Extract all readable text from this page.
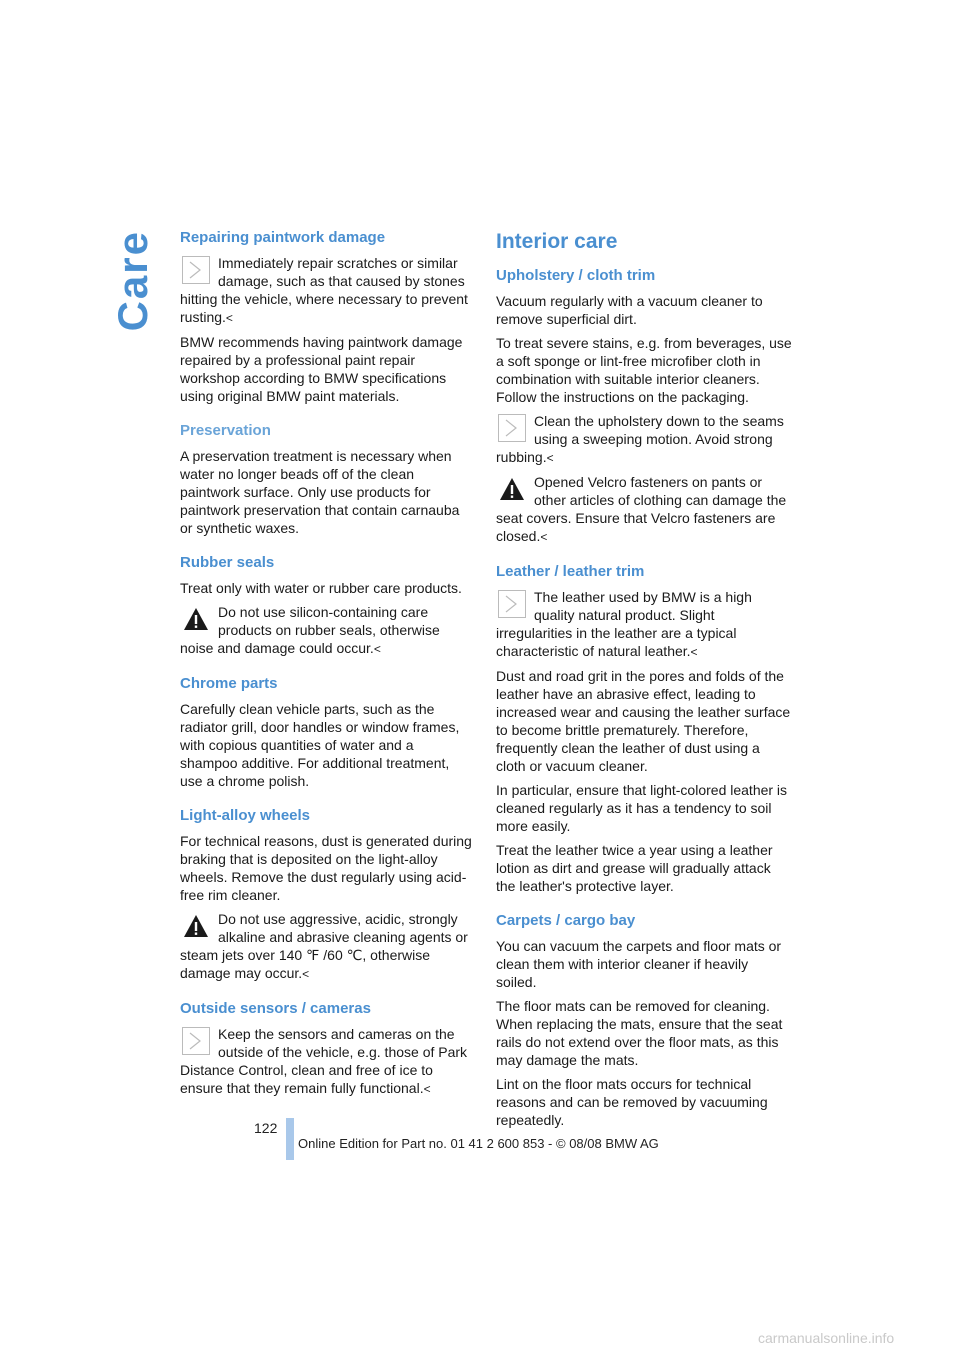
Care Repairing paintwork damage

Immediately repair scratches or similar damage, such as that caused by stones hitting the vehicle, where necessary to prevent rusting.<

BMW recommends having paintwork damage repaired by a professional paint repair workshop according to BMW specifications using original BMW paint materials.

Preservation

A preservation treatment is necessary when water no longer beads off of the clean paintwork surface. Only use products for paintwork preservation that contain carnauba or synthetic waxes.

Rubber seals

Treat only with water or rubber care products.

Do not use silicon-containing care products on rubber seals, otherwise noise and damage could occur.<

Chrome parts

Carefully clean vehicle parts, such as the radiator grill, door handles or window frames, with copious quantities of water and a shampoo additive. For additional treatment, use a chrome polish.

Light-alloy wheels

For technical reasons, dust is generated during braking that is deposited on the light-alloy wheels. Remove the dust regularly using acid-free rim cleaner.

Do not use aggressive, acidic, strongly alkaline and abrasive cleaning agents or steam jets over 140 ℉ /60 ℃, otherwise damage may occur.<

Outside sensors / cameras

Keep the sensors and cameras on the outside of the vehicle, e.g. those of Park Distance Control, clean and free of ice to ensure that they remain fully functional.<

Interior care
Upholstery / cloth trim

Vacuum regularly with a vacuum cleaner to remove superficial dirt.

To treat severe stains, e.g. from beverages, use a soft sponge or lint-free microfiber cloth in combination with suitable interior cleaners. Follow the instructions on the packaging.

Clean the upholstery down to the seams using a sweeping motion. Avoid strong rubbing.<

Opened Velcro fasteners on pants or other articles of clothing can damage the seat covers. Ensure that Velcro fasteners are closed.<

Leather / leather trim

The leather used by BMW is a high quality natural product. Slight irregularities in the leather are a typical characteristic of natural leather.<

Dust and road grit in the pores and folds of the leather have an abrasive effect, leading to increased wear and causing the leather surface to become brittle prematurely. Therefore, frequently clean the leather of dust using a cloth or vacuum cleaner.

In particular, ensure that light-colored leather is cleaned regularly as it has a tendency to soil more easily.

Treat the leather twice a year using a leather lotion as dirt and grease will gradually attack the leather's protective layer.

Carpets / cargo bay

You can vacuum the carpets and floor mats or clean them with interior cleaner if heavily soiled.

The floor mats can be removed for cleaning. When replacing the mats, ensure that the seat rails do not extend over the floor mats, as this may damage the mats.

Lint on the floor mats occurs for technical reasons and can be removed by vacuuming repeatedly.

122
Online Edition for Part no. 01 41 2 600 853 - © 08/08 BMW AG
carmanualsonline.info
